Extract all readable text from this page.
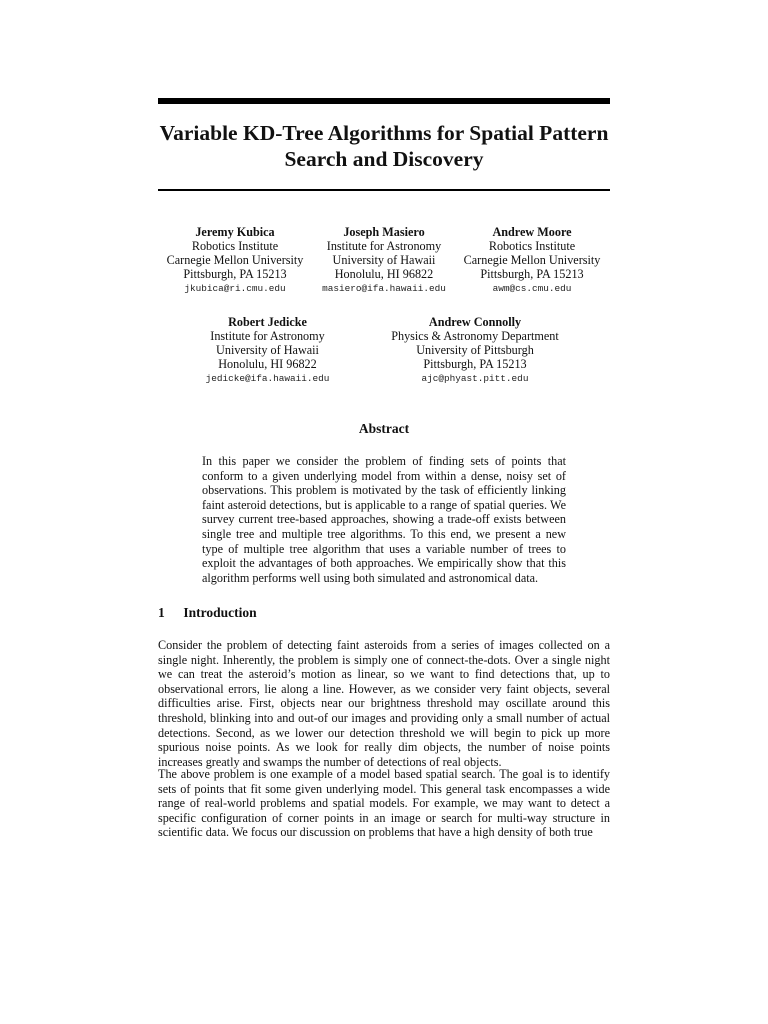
Variable KD-Tree Algorithms for Spatial Pattern Search and Discovery
Jeremy Kubica
Robotics Institute
Carnegie Mellon University
Pittsburgh, PA 15213
jkubica@ri.cmu.edu
Joseph Masiero
Institute for Astronomy
University of Hawaii
Honolulu, HI 96822
masiero@ifa.hawaii.edu
Andrew Moore
Robotics Institute
Carnegie Mellon University
Pittsburgh, PA 15213
awm@cs.cmu.edu
Robert Jedicke
Institute for Astronomy
University of Hawaii
Honolulu, HI 96822
jedicke@ifa.hawaii.edu
Andrew Connolly
Physics & Astronomy Department
University of Pittsburgh
Pittsburgh, PA 15213
ajc@phyast.pitt.edu
Abstract

In this paper we consider the problem of finding sets of points that conform to a given underlying model from within a dense, noisy set of observations. This problem is motivated by the task of efficiently linking faint asteroid detections, but is applicable to a range of spatial queries. We survey current tree-based approaches, showing a trade-off exists between single tree and multiple tree algorithms. To this end, we present a new type of multiple tree algorithm that uses a variable number of trees to exploit the advantages of both approaches. We empirically show that this algorithm performs well using both simulated and astronomical data.

1 Introduction

Consider the problem of detecting faint asteroids from a series of images collected on a single night. Inherently, the problem is simply one of connect-the-dots. Over a single night we can treat the asteroid’s motion as linear, so we want to find detections that, up to observational errors, lie along a line. However, as we consider very faint objects, several difficulties arise. First, objects near our brightness threshold may oscillate around this threshold, blinking into and out-of our images and providing only a small number of actual detections. Second, as we lower our detection threshold we will begin to pick up more spurious noise points. As we look for really dim objects, the number of noise points increases greatly and swamps the number of detections of real objects.

The above problem is one example of a model based spatial search. The goal is to identify sets of points that fit some given underlying model. This general task encompasses a wide range of real-world problems and spatial models. For example, we may want to detect a specific configuration of corner points in an image or search for multi-way structure in scientific data. We focus our discussion on problems that have a high density of both true
